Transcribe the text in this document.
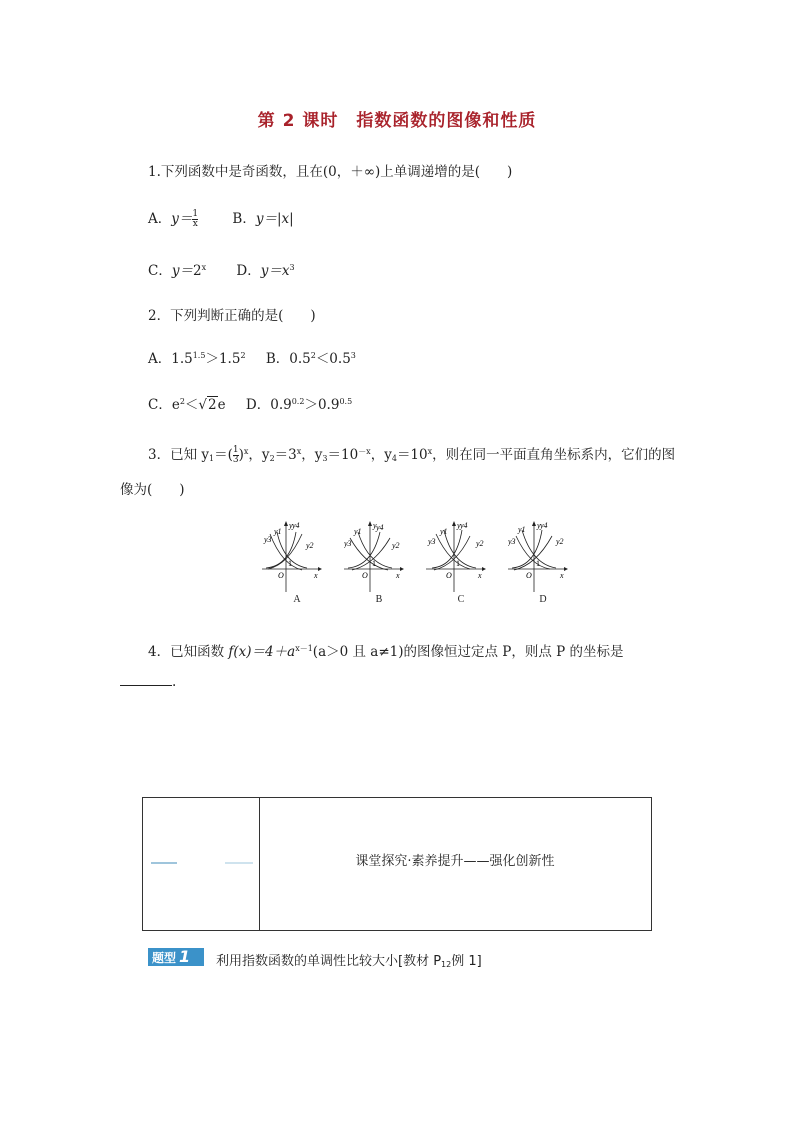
第 2 课时　指数函数的图像和性质
1.下列函数中是奇函数，且在(0，＋∞)上单调递增的是(　　)
A．$y= \frac{1}{x}$	B．y＝|x|
C．$y=2^x$ D．$y=x^3$
2．下列判断正确的是(　　)
A．$1.5^{1.5}>1.5^2$ B．$0.5^2<0.5^3$
C．$e^2<√2e$ D．$0.9^{0.2}>0.9^{0.5}$
3．已知 $y_1=( \frac{1}{3} )^x$，$y_2=3^x$，$y_3=10^{-x}$，$y_4=10^x$，则在同一平面直角坐标系内，它们的图
像为(　　)
y3
y1
y4
y2
y
x
O
1
A
y3
y1 y4
y2
y
x
O
1
B
y3
y1
y4
y2
y
x
O
1
C
y3
y1 y4
y2
y
x
O
1
D
4．已知函数 $f(x)=4+a^{x-1}(a>0$ 且 a≠1)的图像恒过定点 P，则点 P 的坐标是
.
课堂探究·素养提升——强化创新性
题型 1	利用指数函数的单调性比较大小[教材 $P_{12}$例 1]
